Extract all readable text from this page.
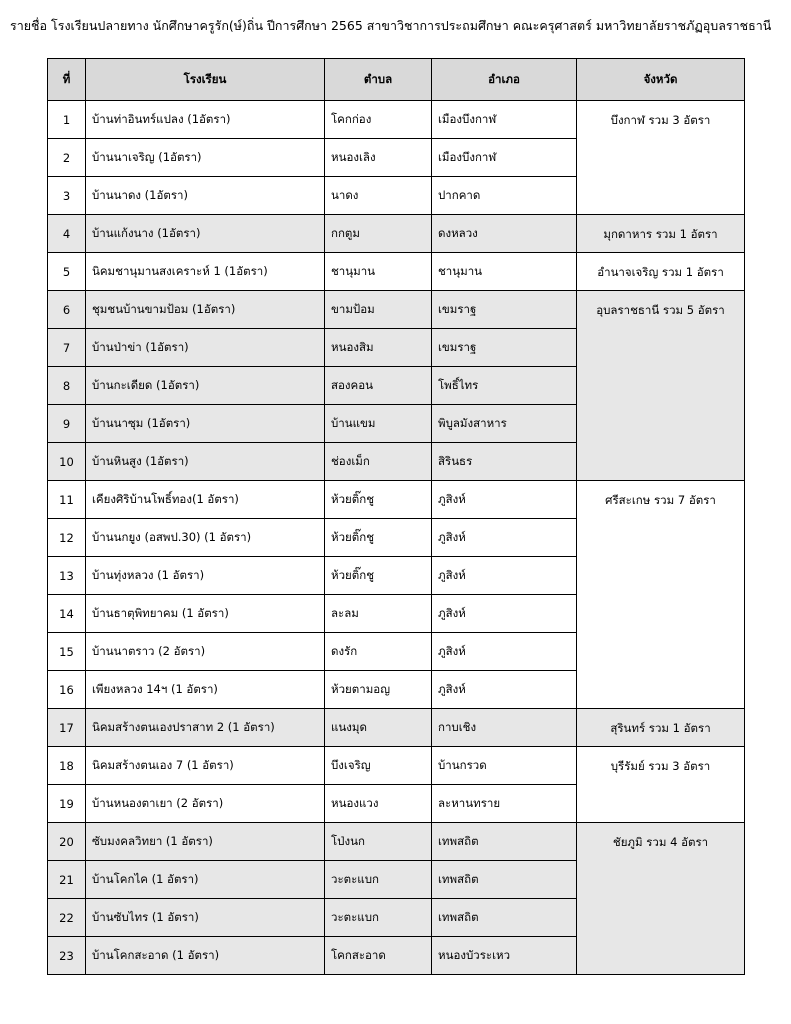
รายชื่อ โรงเรียนปลายทาง นักศึกษาครูรัก(ษ์)ถิ่น ปีการศึกษา 2565 สาขาวิชาการประถมศึกษา คณะครุศาสตร์ มหาวิทยาลัยราชภัฏอุบลราชธานี
ที่	โรงเรียน	ตำบล	อำเภอ	จังหวัด
1	บ้านท่าอินทร์แปลง (1อัตรา)	โคกก่อง	เมืองบึงกาฬ	บึงกาฬ รวม 3 อัตรา
2	บ้านนาเจริญ (1อัตรา)	หนองเลิง	เมืองบึงกาฬ	
3	บ้านนาดง (1อัตรา)	นาดง	ปากคาด	
4	บ้านแก้งนาง (1อัตรา)	กกตูม	ดงหลวง	มุกดาหาร รวม 1 อัตรา
5	นิคมชานุมานสงเคราะห์ 1 (1อัตรา)	ชานุมาน	ชานุมาน	อำนาจเจริญ รวม 1 อัตรา
6	ชุมชนบ้านขามป้อม (1อัตรา)	ขามป้อม	เขมราฐ	อุบลราชธานี รวม 5 อัตรา
7	บ้านป่าข่า (1อัตรา)	หนองสิม	เขมราฐ	
8	บ้านกะเดียด (1อัตรา)	สองคอน	โพธิ์ไทร	
9	บ้านนาซุม (1อัตรา)	บ้านแขม	พิบูลมังสาหาร	
10	บ้านหินสูง (1อัตรา)	ช่องเม็ก	สิรินธร	
11	เคียงศิริบ้านโพธิ์ทอง(1 อัตรา)	ห้วยติ๊กชู	ภูสิงห์	ศรีสะเกษ รวม 7 อัตรา
12	บ้านนกยูง (อสพป.30) (1 อัตรา)	ห้วยติ๊กชู	ภูสิงห์	
13	บ้านทุ่งหลวง (1 อัตรา)	ห้วยติ๊กชู	ภูสิงห์	
14	บ้านธาตุพิทยาคม (1 อัตรา)	ละลม	ภูสิงห์	
15	บ้านนาตราว (2 อัตรา)	ดงรัก	ภูสิงห์	
16	เพียงหลวง 14ฯ (1 อัตรา)	ห้วยตามอญ	ภูสิงห์	
17	นิคมสร้างตนเองปราสาท 2 (1 อัตรา)	แนงมุด	กาบเชิง	สุรินทร์ รวม 1 อัตรา
18	นิคมสร้างตนเอง 7 (1 อัตรา)	บึงเจริญ	บ้านกรวด	บุรีรัมย์ รวม 3 อัตรา
19	บ้านหนองตาเยา (2 อัตรา)	หนองแวง	ละหานทราย	
20	ซับมงคลวิทยา (1 อัตรา)	โป่งนก	เทพสถิต	ชัยภูมิ รวม 4 อัตรา
21	บ้านโคกไค (1 อัตรา)	วะตะแบก	เทพสถิต	
22	บ้านซับไทร (1 อัตรา)	วะตะแบก	เทพสถิต	
23	บ้านโคกสะอาด (1 อัตรา)	โคกสะอาด	หนองบัวระเหว	
